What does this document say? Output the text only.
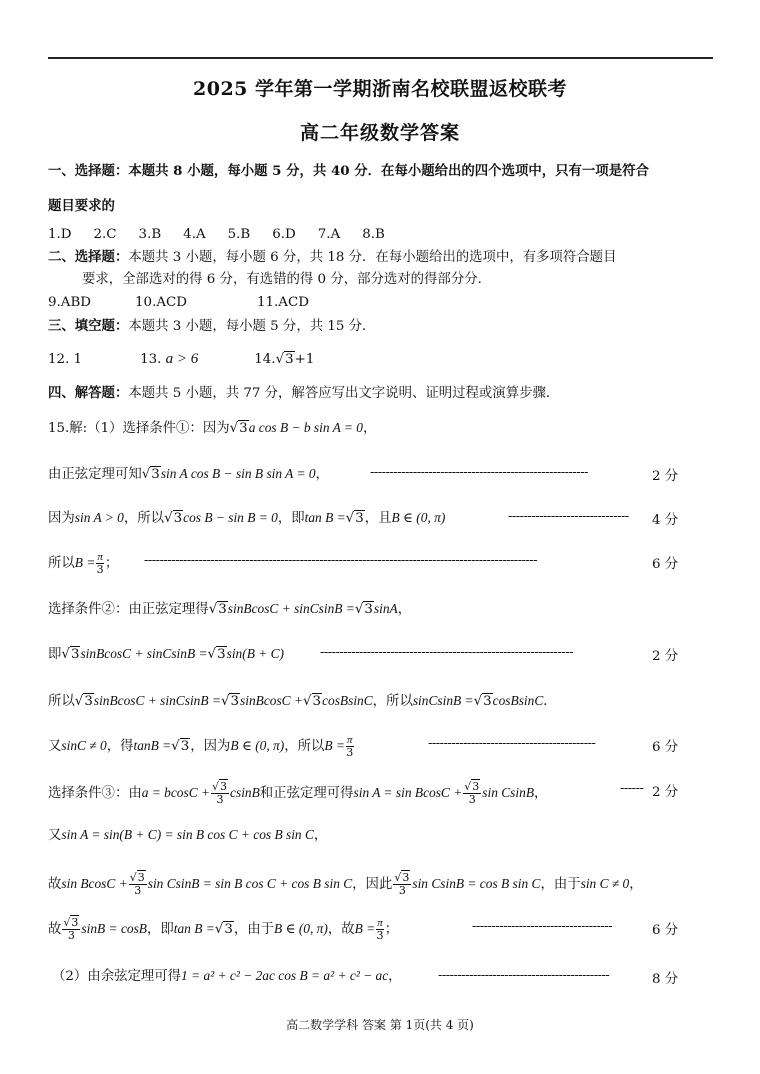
2025 学年第一学期浙南名校联盟返校联考
高二年级数学答案
一、选择题：本题共 8 小题，每小题 5 分，共 40 分．在每小题给出的四个选项中，只有一项是符合
题目要求的
1.D 2.C 3.B 4.A 5.B 6.D 7.A 8.B
二、选择题：本题共 3 小题，每小题 6 分，共 18 分．在每小题给出的选项中，有多项符合题目
要求，全部选对的得 6 分，有选错的得 0 分，部分选对的得部分分．
9.ABD	10.ACD	11.ACD
三、填空题：本题共 3 小题，每小题 5 分，共 15 分．
12. 1	13. a > 6	14.√3+1
四、解答题：本题共 5 小题，共 77 分，解答应写出文字说明、证明过程或演算步骤．
15.解:（1）选择条件①：因为√3a cos B − b sin A = 0，
由正弦定理可知√3sin A cos B − sin B sin A = 0，	--------------------------------------------------------	2 分
因为sin A > 0，所以√3cos B − sin B = 0，即tan B =√3，且B ∈ (0, π)	------------------------------- 4 分
所以$B = \frac{\pi}{3}$ ； -----------------------------------------------------------------------------------------------------	6 分
选择条件②：由正弦定理得√3sinBcosC + sinCsinB =√3sinA，
即√3sinBcosC + sinCsinB =√3sin(B + C)	-----------------------------------------------------------------	2 分
所以√3sinBcosC + sinCsinB =√3sinBcosC +√3cosBsinC，所以sinCsinB =√3cosBsinC．
又sinC ≠ 0，得tanB =√3，因为B ∈ (0, π)，所以$B = \frac{\pi}{3}$	-------------------------------------------	6 分
选择条件③：由$a = bcosC + \frac{√3}{3}$ csinB和正弦定理可得$\sin A = \sin BcosC + \frac{√3}{3}$ sin CsinB，	------ 2 分
又sin A = sin(B + C) = sin B cos C + cos B sin C，
故$\sin BcosC + \frac{√3}{3}$ sin CsinB = sin B cos C + cos B sin C，因此 $\frac{√3}{3}$ sin CsinB = cos B sin C，由于sin C ≠ 0，
故 $\frac{√3}{3}$ sinB = cosB，即tan B =√3，由于B ∈ (0, π)，故$B = \frac{\pi}{3}$ ；	------------------------------------	6 分
（2）由余弦定理可得1 = a² + c² − 2ac cos B = a² + c² − ac，	--------------------------------------------	8 分
高二数学学科 答案 第 1页(共 4 页)
